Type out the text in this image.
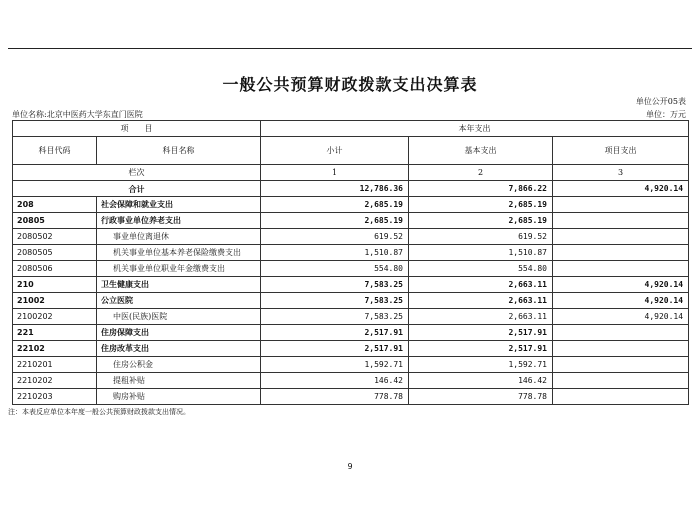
一般公共预算财政拨款支出决算表
单位公开05表
单位名称:北京中医药大学东直门医院	单位：万元
项　　目		本年支出		
科目代码	科目名称	小计	基本支出	项目支出
栏次		1	2	3
合计		12,786.36	7,866.22	4,920.14
208	社会保障和就业支出	2,685.19	2,685.19	
20805	行政事业单位养老支出	2,685.19	2,685.19	
2080502	事业单位离退休	619.52	619.52	
2080505	机关事业单位基本养老保险缴费支出	1,510.87	1,510.87	
2080506	机关事业单位职业年金缴费支出	554.80	554.80	
210	卫生健康支出	7,583.25	2,663.11	4,920.14
21002	公立医院	7,583.25	2,663.11	4,920.14
2100202	中医(民族)医院	7,583.25	2,663.11	4,920.14
221	住房保障支出	2,517.91	2,517.91	
22102	住房改革支出	2,517.91	2,517.91	
2210201	住房公积金	1,592.71	1,592.71	
2210202	提租补贴	146.42	146.42	
2210203	购房补贴	778.78	778.78	
注：本表反应单位本年度一般公共预算财政拨款支出情况。
9
